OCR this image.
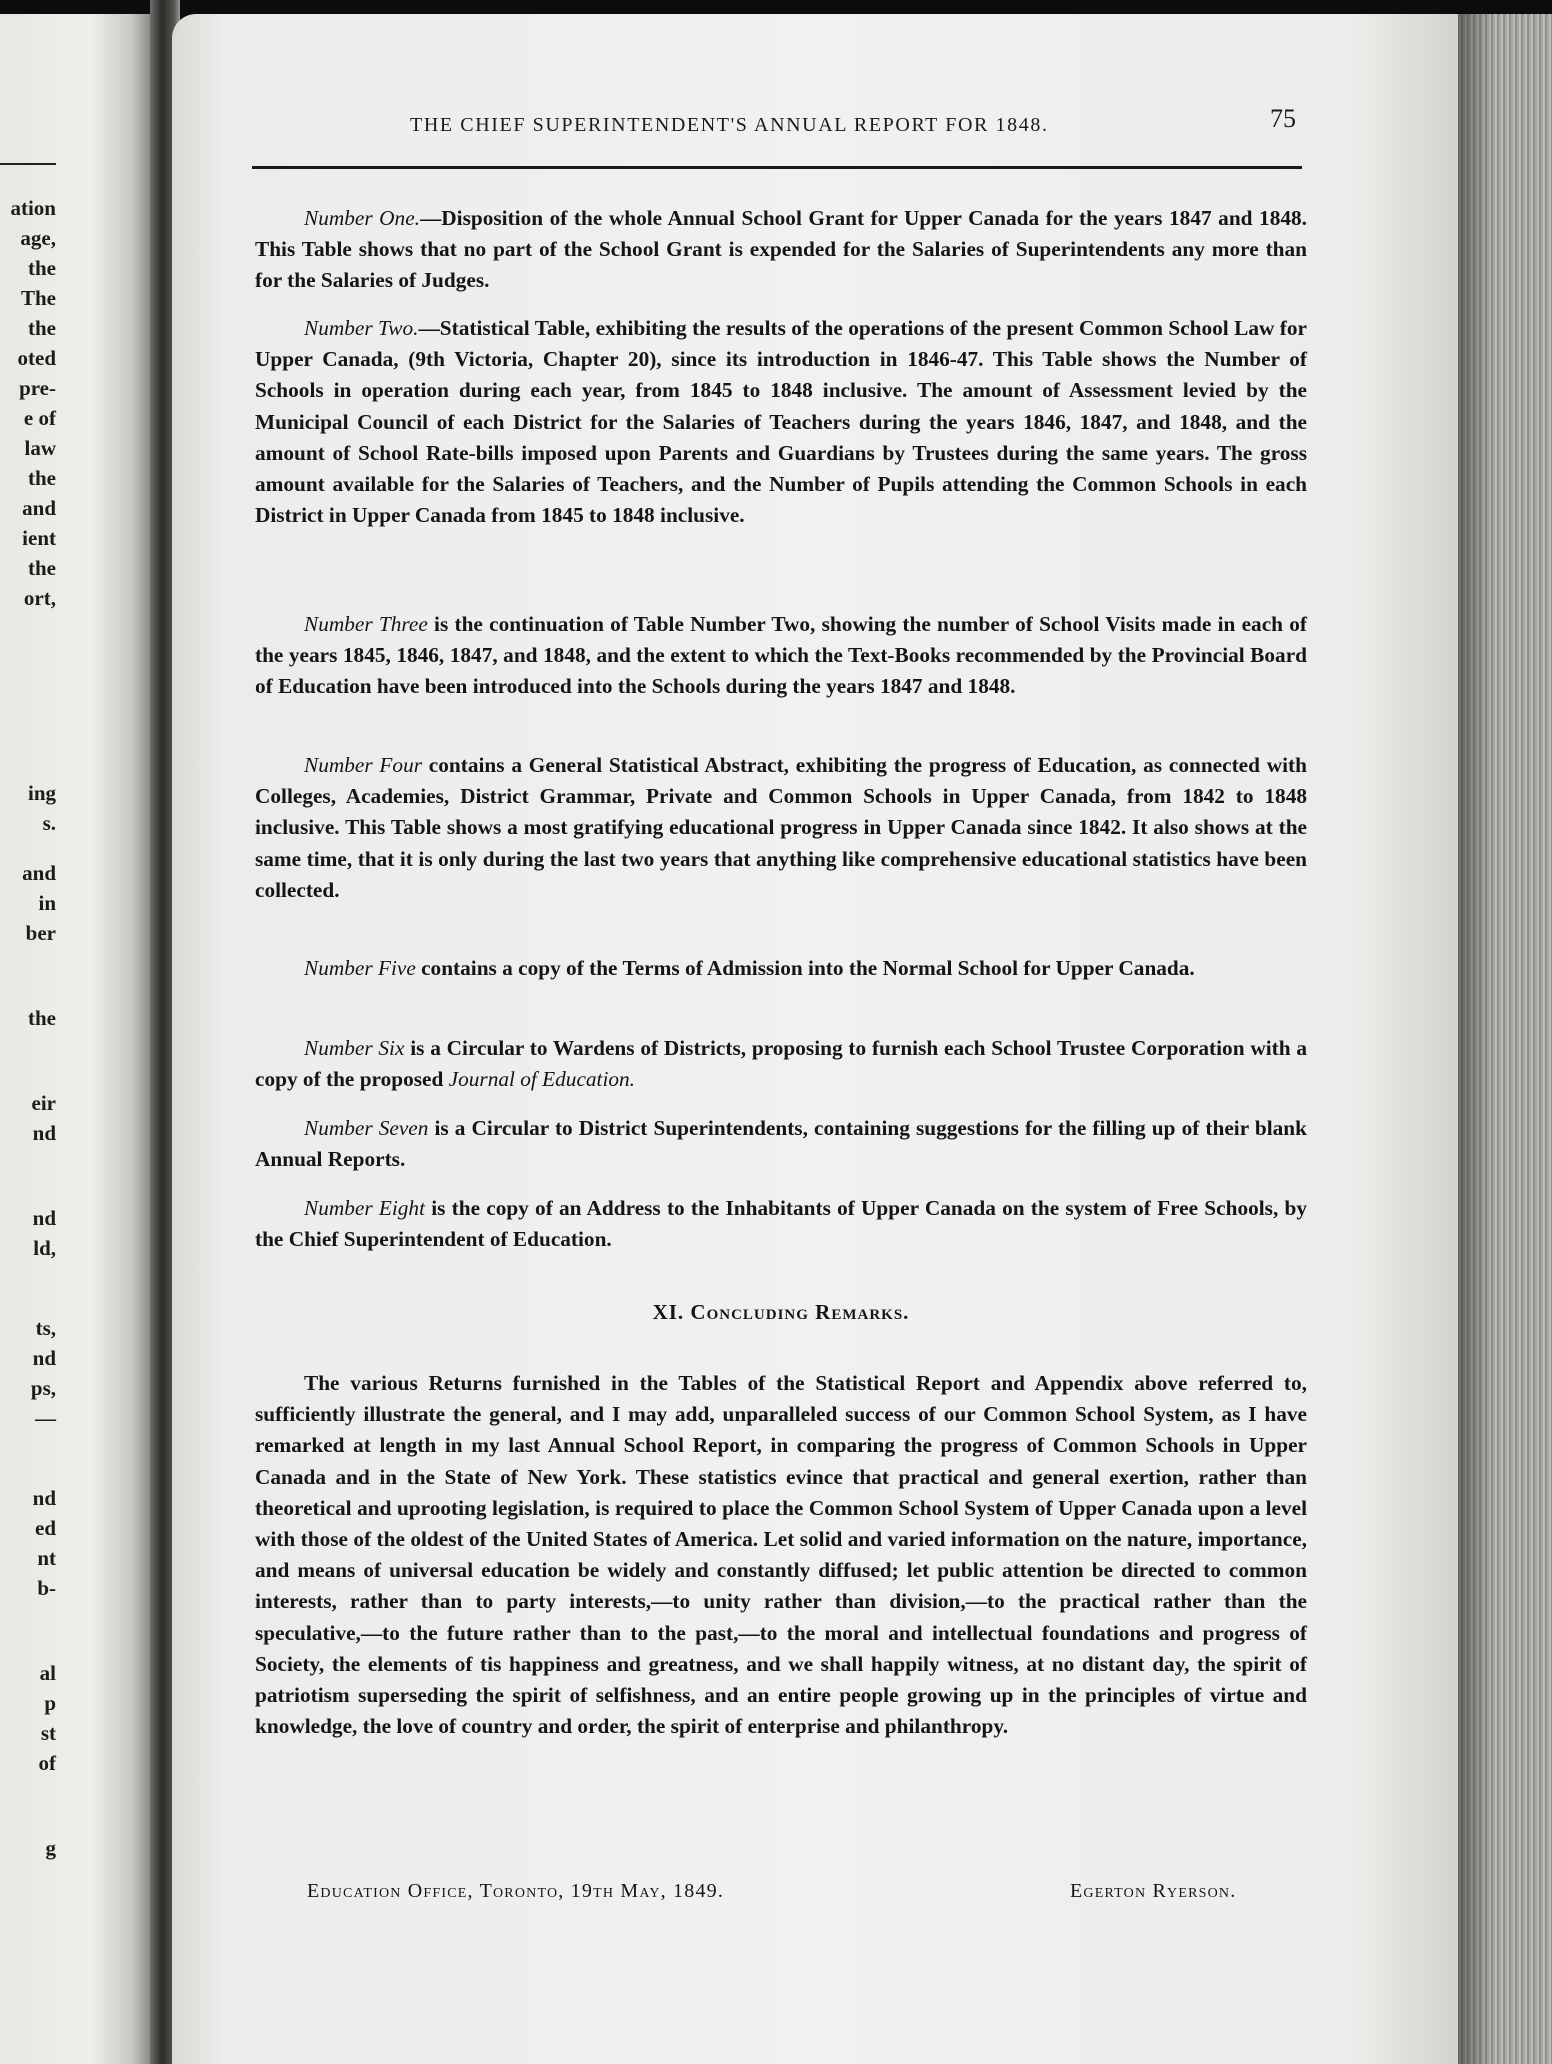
ation
age,
the
The
the
oted
pre-
e of
law
the
and
ient
the
ort,
ing
s.
and
in
ber
the
eir
nd
nd
ld,
ts,
nd
ps,
—
nd
ed
nt
b-
al
p
st
of
g
THE CHIEF SUPERINTENDENT'S ANNUAL REPORT FOR 1848.	75

Number One.—Disposition of the whole Annual School Grant for Upper Canada for the years 1847 and 1848. This Table shows that no part of the School Grant is expended for the Salaries of Superintendents any more than for the Salaries of Judges.

Number Two.—Statistical Table, exhibiting the results of the operations of the present Common School Law for Upper Canada, (9th Victoria, Chapter 20), since its introduction in 1846-47. This Table shows the Number of Schools in operation during each year, from 1845 to 1848 inclusive. The amount of Assessment levied by the Municipal Council of each District for the Salaries of Teachers during the years 1846, 1847, and 1848, and the amount of School Rate-bills imposed upon Parents and Guardians by Trustees during the same years. The gross amount available for the Salaries of Teachers, and the Number of Pupils attending the Common Schools in each District in Upper Canada from 1845 to 1848 inclusive.

Number Three is the continuation of Table Number Two, showing the number of School Visits made in each of the years 1845, 1846, 1847, and 1848, and the extent to which the Text-Books recommended by the Provincial Board of Education have been introduced into the Schools during the years 1847 and 1848.

Number Four contains a General Statistical Abstract, exhibiting the progress of Education, as connected with Colleges, Academies, District Grammar, Private and Common Schools in Upper Canada, from 1842 to 1848 inclusive. This Table shows a most gratifying educational progress in Upper Canada since 1842. It also shows at the same time, that it is only during the last two years that anything like comprehensive educational statistics have been collected.

Number Five contains a copy of the Terms of Admission into the Normal School for Upper Canada.

Number Six is a Circular to Wardens of Districts, proposing to furnish each School Trustee Corporation with a copy of the proposed Journal of Education.

Number Seven is a Circular to District Superintendents, containing suggestions for the filling up of their blank Annual Reports.

Number Eight is the copy of an Address to the Inhabitants of Upper Canada on the system of Free Schools, by the Chief Superintendent of Education.

XI. Concluding Remarks.

The various Returns furnished in the Tables of the Statistical Report and Appendix above referred to, sufficiently illustrate the general, and I may add, unparalleled success of our Common School System, as I have remarked at length in my last Annual School Report, in comparing the progress of Common Schools in Upper Canada and in the State of New York. These statistics evince that practical and general exertion, rather than theoretical and uprooting legislation, is required to place the Common School System of Upper Canada upon a level with those of the oldest of the United States of America. Let solid and varied information on the nature, importance, and means of universal education be widely and constantly diffused; let public attention be directed to common interests, rather than to party interests,—to unity rather than division,—to the practical rather than the speculative,—to the future rather than to the past,—to the moral and intellectual foundations and progress of Society, the elements of tis happiness and greatness, and we shall happily witness, at no distant day, the spirit of patriotism superseding the spirit of selfishness, and an entire people growing up in the principles of virtue and knowledge, the love of country and order, the spirit of enterprise and philanthropy.

Education Office, Toronto, 19th May, 1849.	Egerton Ryerson.
